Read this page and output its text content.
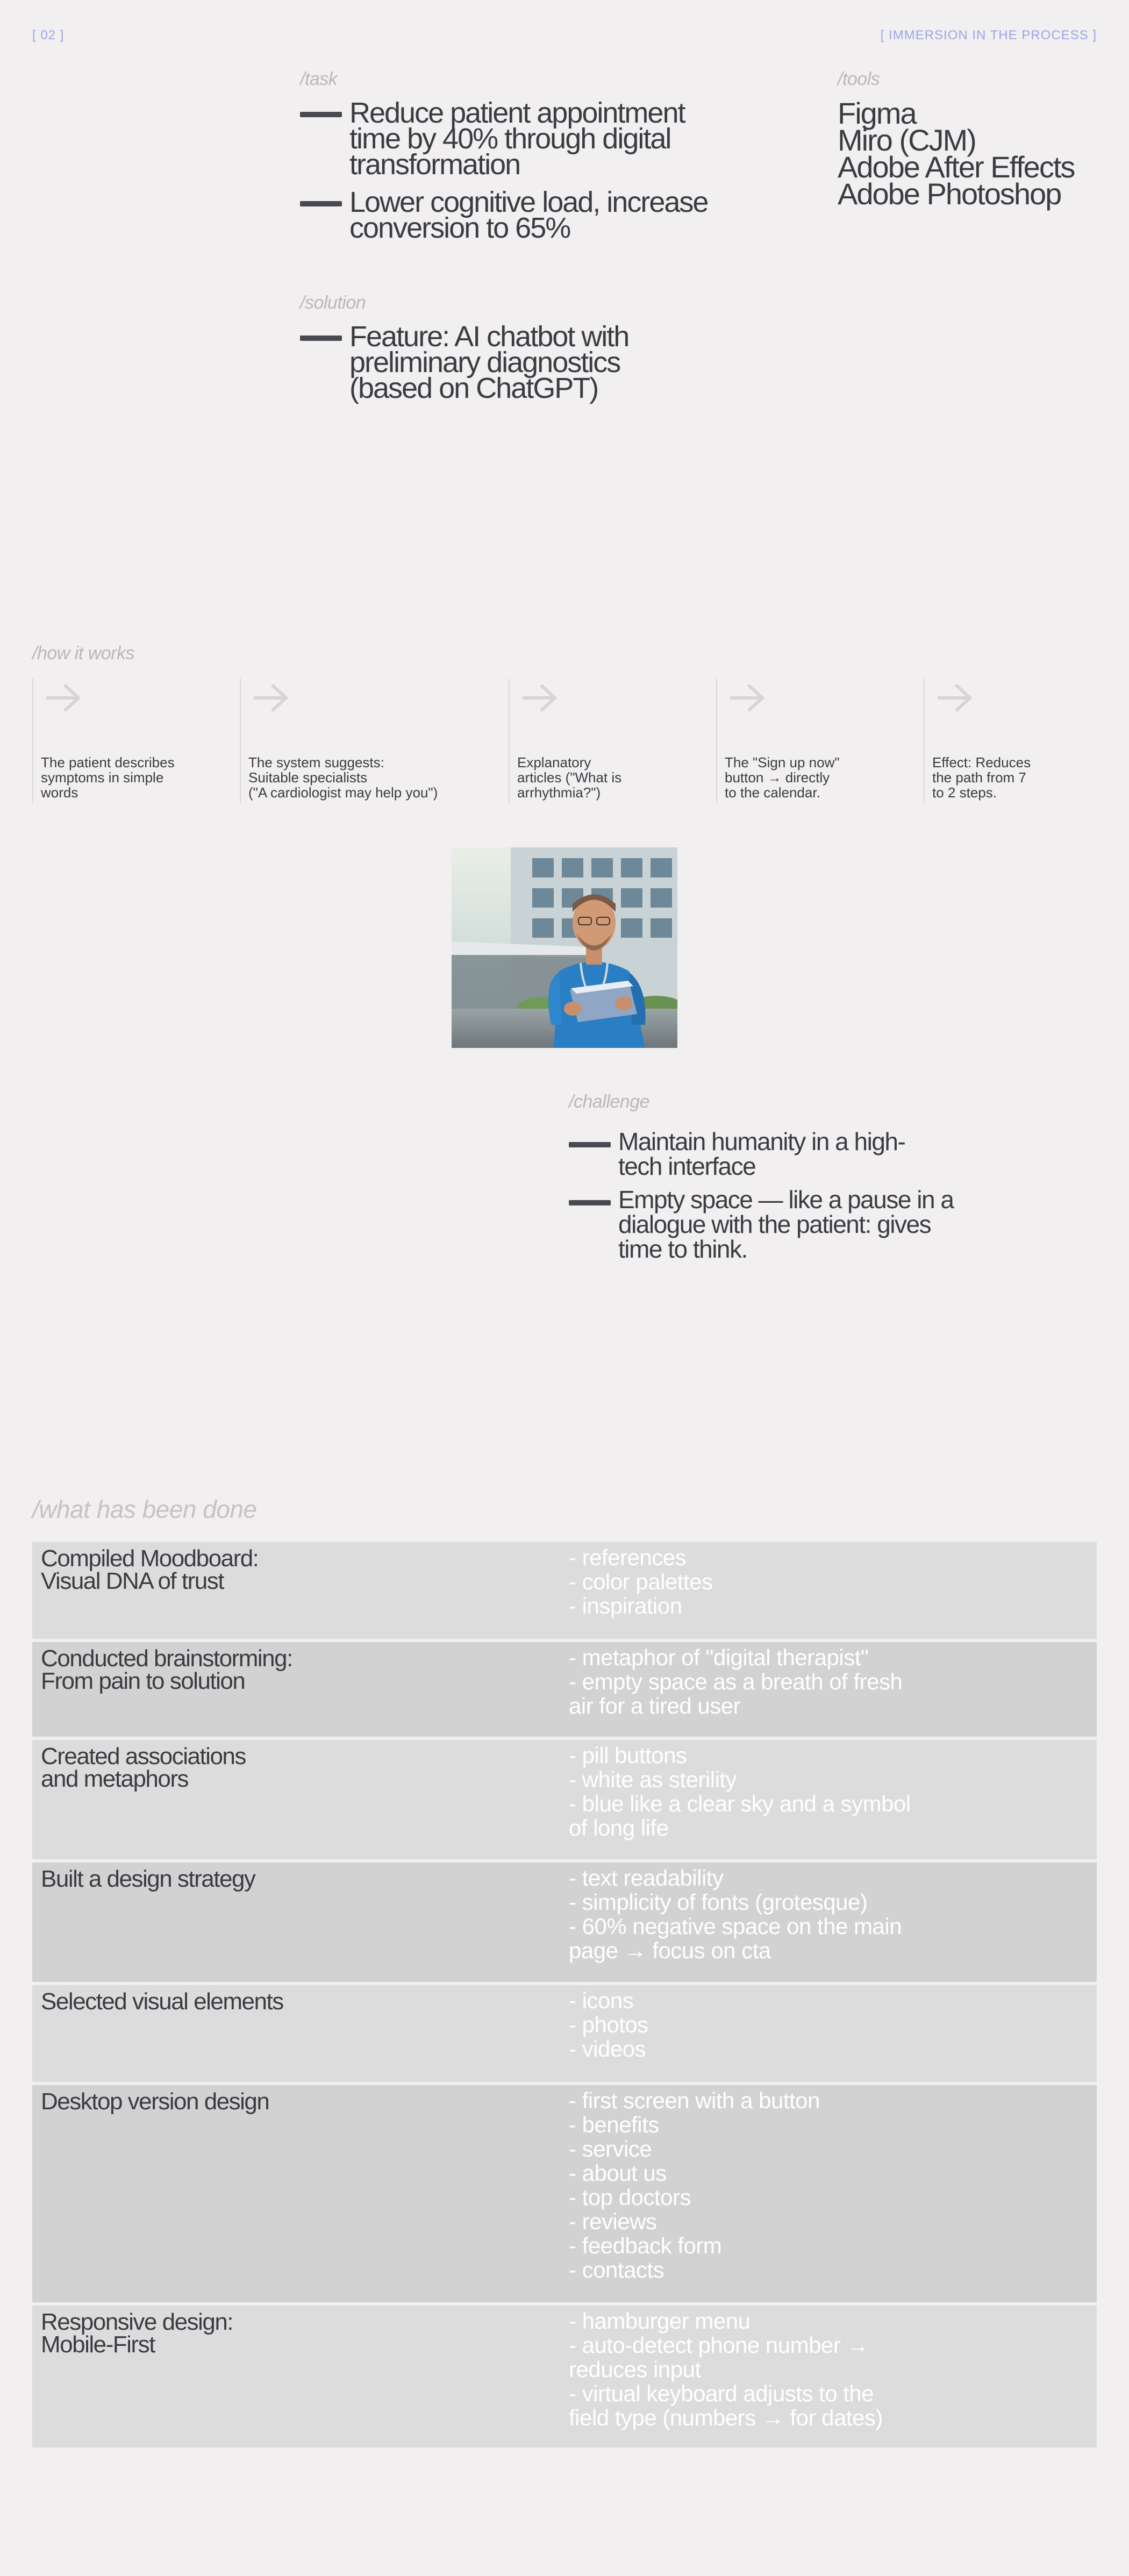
[ 02 ]	[ IMMERSION IN THE PROCESS ]
/task
Reduce patient appointment
time by 40% through digital
transformation
Lower cognitive load, increase
conversion to 65%
/tools
Figma
Miro (CJM)
Adobe After Effects
Adobe Photoshop
/solution
Feature: AI chatbot with
preliminary diagnostics
(based on ChatGPT)
/how it works
The patient describes
symptoms in simple
words
The system suggests:
Suitable specialists
("A cardiologist may help you")
Explanatory
articles ("What is
arrhythmia?")
The "Sign up now"
button → directly
to the calendar.
Effect: Reduces
the path from 7
to 2 steps.
/challenge
Maintain humanity in a high-
tech interface
Empty space — like a pause in a
dialogue with the patient: gives
time to think.
/what has been done
Compiled Moodboard:
Visual DNA of trust
- references
- color palettes
- inspiration
Conducted brainstorming:
From pain to solution
- metaphor of "digital therapist"
- empty space as a breath of fresh
air for a tired user
Created associations
and metaphors
- pill buttons
- white as sterility
- blue like a clear sky and a symbol
of long life
Built a design strategy	- text readability
- simplicity of fonts (grotesque)
- 60% negative space on the main
page → focus on cta
Selected visual elements	- icons
- photos
- videos
Desktop version design	- first screen with a button
- benefits
- service
- about us
- top doctors
- reviews
- feedback form
- contacts
Responsive design:
Mobile-First
- hamburger menu
- auto-detect phone number →
reduces input
- virtual keyboard adjusts to the
field type (numbers → for dates)
